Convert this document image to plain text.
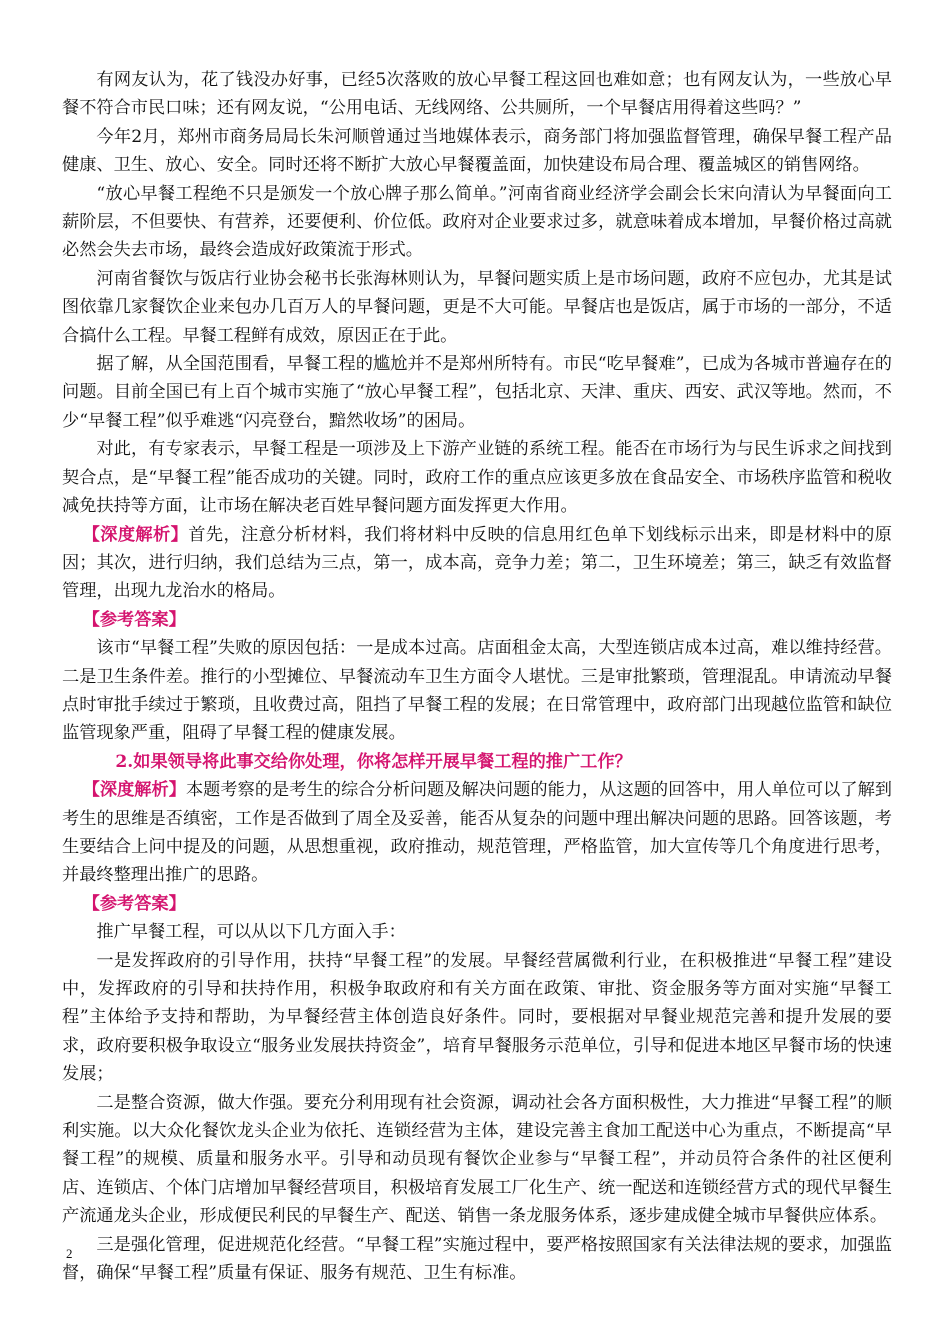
有网友认为，花了钱没办好事，已经5次落败的放心早餐工程这回也难如意；也有网友认为，一些放心早餐不符合市民口味；还有网友说，“公用电话、无线网络、公共厕所，一个早餐店用得着这些吗？”

今年2月，郑州市商务局局长朱河顺曾通过当地媒体表示，商务部门将加强监督管理，确保早餐工程产品健康、卫生、放心、安全。同时还将不断扩大放心早餐覆盖面，加快建设布局合理、覆盖城区的销售网络。

“放心早餐工程绝不只是颁发一个放心牌子那么简单。”河南省商业经济学会副会长宋向清认为早餐面向工薪阶层，不但要快、有营养，还要便利、价位低。政府对企业要求过多，就意味着成本增加，早餐价格过高就必然会失去市场，最终会造成好政策流于形式。

河南省餐饮与饭店行业协会秘书长张海林则认为，早餐问题实质上是市场问题，政府不应包办，尤其是试图依靠几家餐饮企业来包办几百万人的早餐问题，更是不大可能。早餐店也是饭店，属于市场的一部分，不适合搞什么工程。早餐工程鲜有成效，原因正在于此。

据了解，从全国范围看，早餐工程的尴尬并不是郑州所特有。市民“吃早餐难”，已成为各城市普遍存在的问题。目前全国已有上百个城市实施了“放心早餐工程”，包括北京、天津、重庆、西安、武汉等地。然而，不少“早餐工程”似乎难逃“闪亮登台，黯然收场”的困局。

对此，有专家表示，早餐工程是一项涉及上下游产业链的系统工程。能否在市场行为与民生诉求之间找到契合点，是“早餐工程”能否成功的关键。同时，政府工作的重点应该更多放在食品安全、市场秩序监管和税收减免扶持等方面，让市场在解决老百姓早餐问题方面发挥更大作用。

【深度解析】首先，注意分析材料，我们将材料中反映的信息用红色单下划线标示出来，即是材料中的原因；其次，进行归纳，我们总结为三点，第一，成本高，竞争力差；第二，卫生环境差；第三，缺乏有效监督管理，出现九龙治水的格局。

【参考答案】

该市“早餐工程”失败的原因包括：一是成本过高。店面租金太高，大型连锁店成本过高，难以维持经营。二是卫生条件差。推行的小型摊位、早餐流动车卫生方面令人堪忧。三是审批繁琐，管理混乱。申请流动早餐点时审批手续过于繁琐，且收费过高，阻挡了早餐工程的发展；在日常管理中，政府部门出现越位监管和缺位监管现象严重，阻碍了早餐工程的健康发展。

2.如果领导将此事交给你处理，你将怎样开展早餐工程的推广工作？

【深度解析】本题考察的是考生的综合分析问题及解决问题的能力，从这题的回答中，用人单位可以了解到考生的思维是否缜密，工作是否做到了周全及妥善，能否从复杂的问题中理出解决问题的思路。回答该题，考生要结合上问中提及的问题，从思想重视，政府推动，规范管理，严格监管，加大宣传等几个角度进行思考，并最终整理出推广的思路。

【参考答案】

推广早餐工程，可以从以下几方面入手：

一是发挥政府的引导作用，扶持“早餐工程”的发展。早餐经营属微利行业，在积极推进“早餐工程”建设中，发挥政府的引导和扶持作用，积极争取政府和有关方面在政策、审批、资金服务等方面对实施“早餐工程”主体给予支持和帮助，为早餐经营主体创造良好条件。同时，要根据对早餐业规范完善和提升发展的要求，政府要积极争取设立“服务业发展扶持资金”，培育早餐服务示范单位，引导和促进本地区早餐市场的快速发展；

二是整合资源，做大作强。要充分利用现有社会资源，调动社会各方面积极性，大力推进“早餐工程”的顺利实施。以大众化餐饮龙头企业为依托、连锁经营为主体，建设完善主食加工配送中心为重点，不断提高“早餐工程”的规模、质量和服务水平。引导和动员现有餐饮企业参与“早餐工程”，并动员符合条件的社区便利店、连锁店、个体门店增加早餐经营项目，积极培育发展工厂化生产、统一配送和连锁经营方式的现代早餐生产流通龙头企业，形成便民利民的早餐生产、配送、销售一条龙服务体系，逐步建成健全城市早餐供应体系。

三是强化管理，促进规范化经营。“早餐工程”实施过程中，要严格按照国家有关法律法规的要求，加强监督，确保“早餐工程”质量有保证、服务有规范、卫生有标准。

2
